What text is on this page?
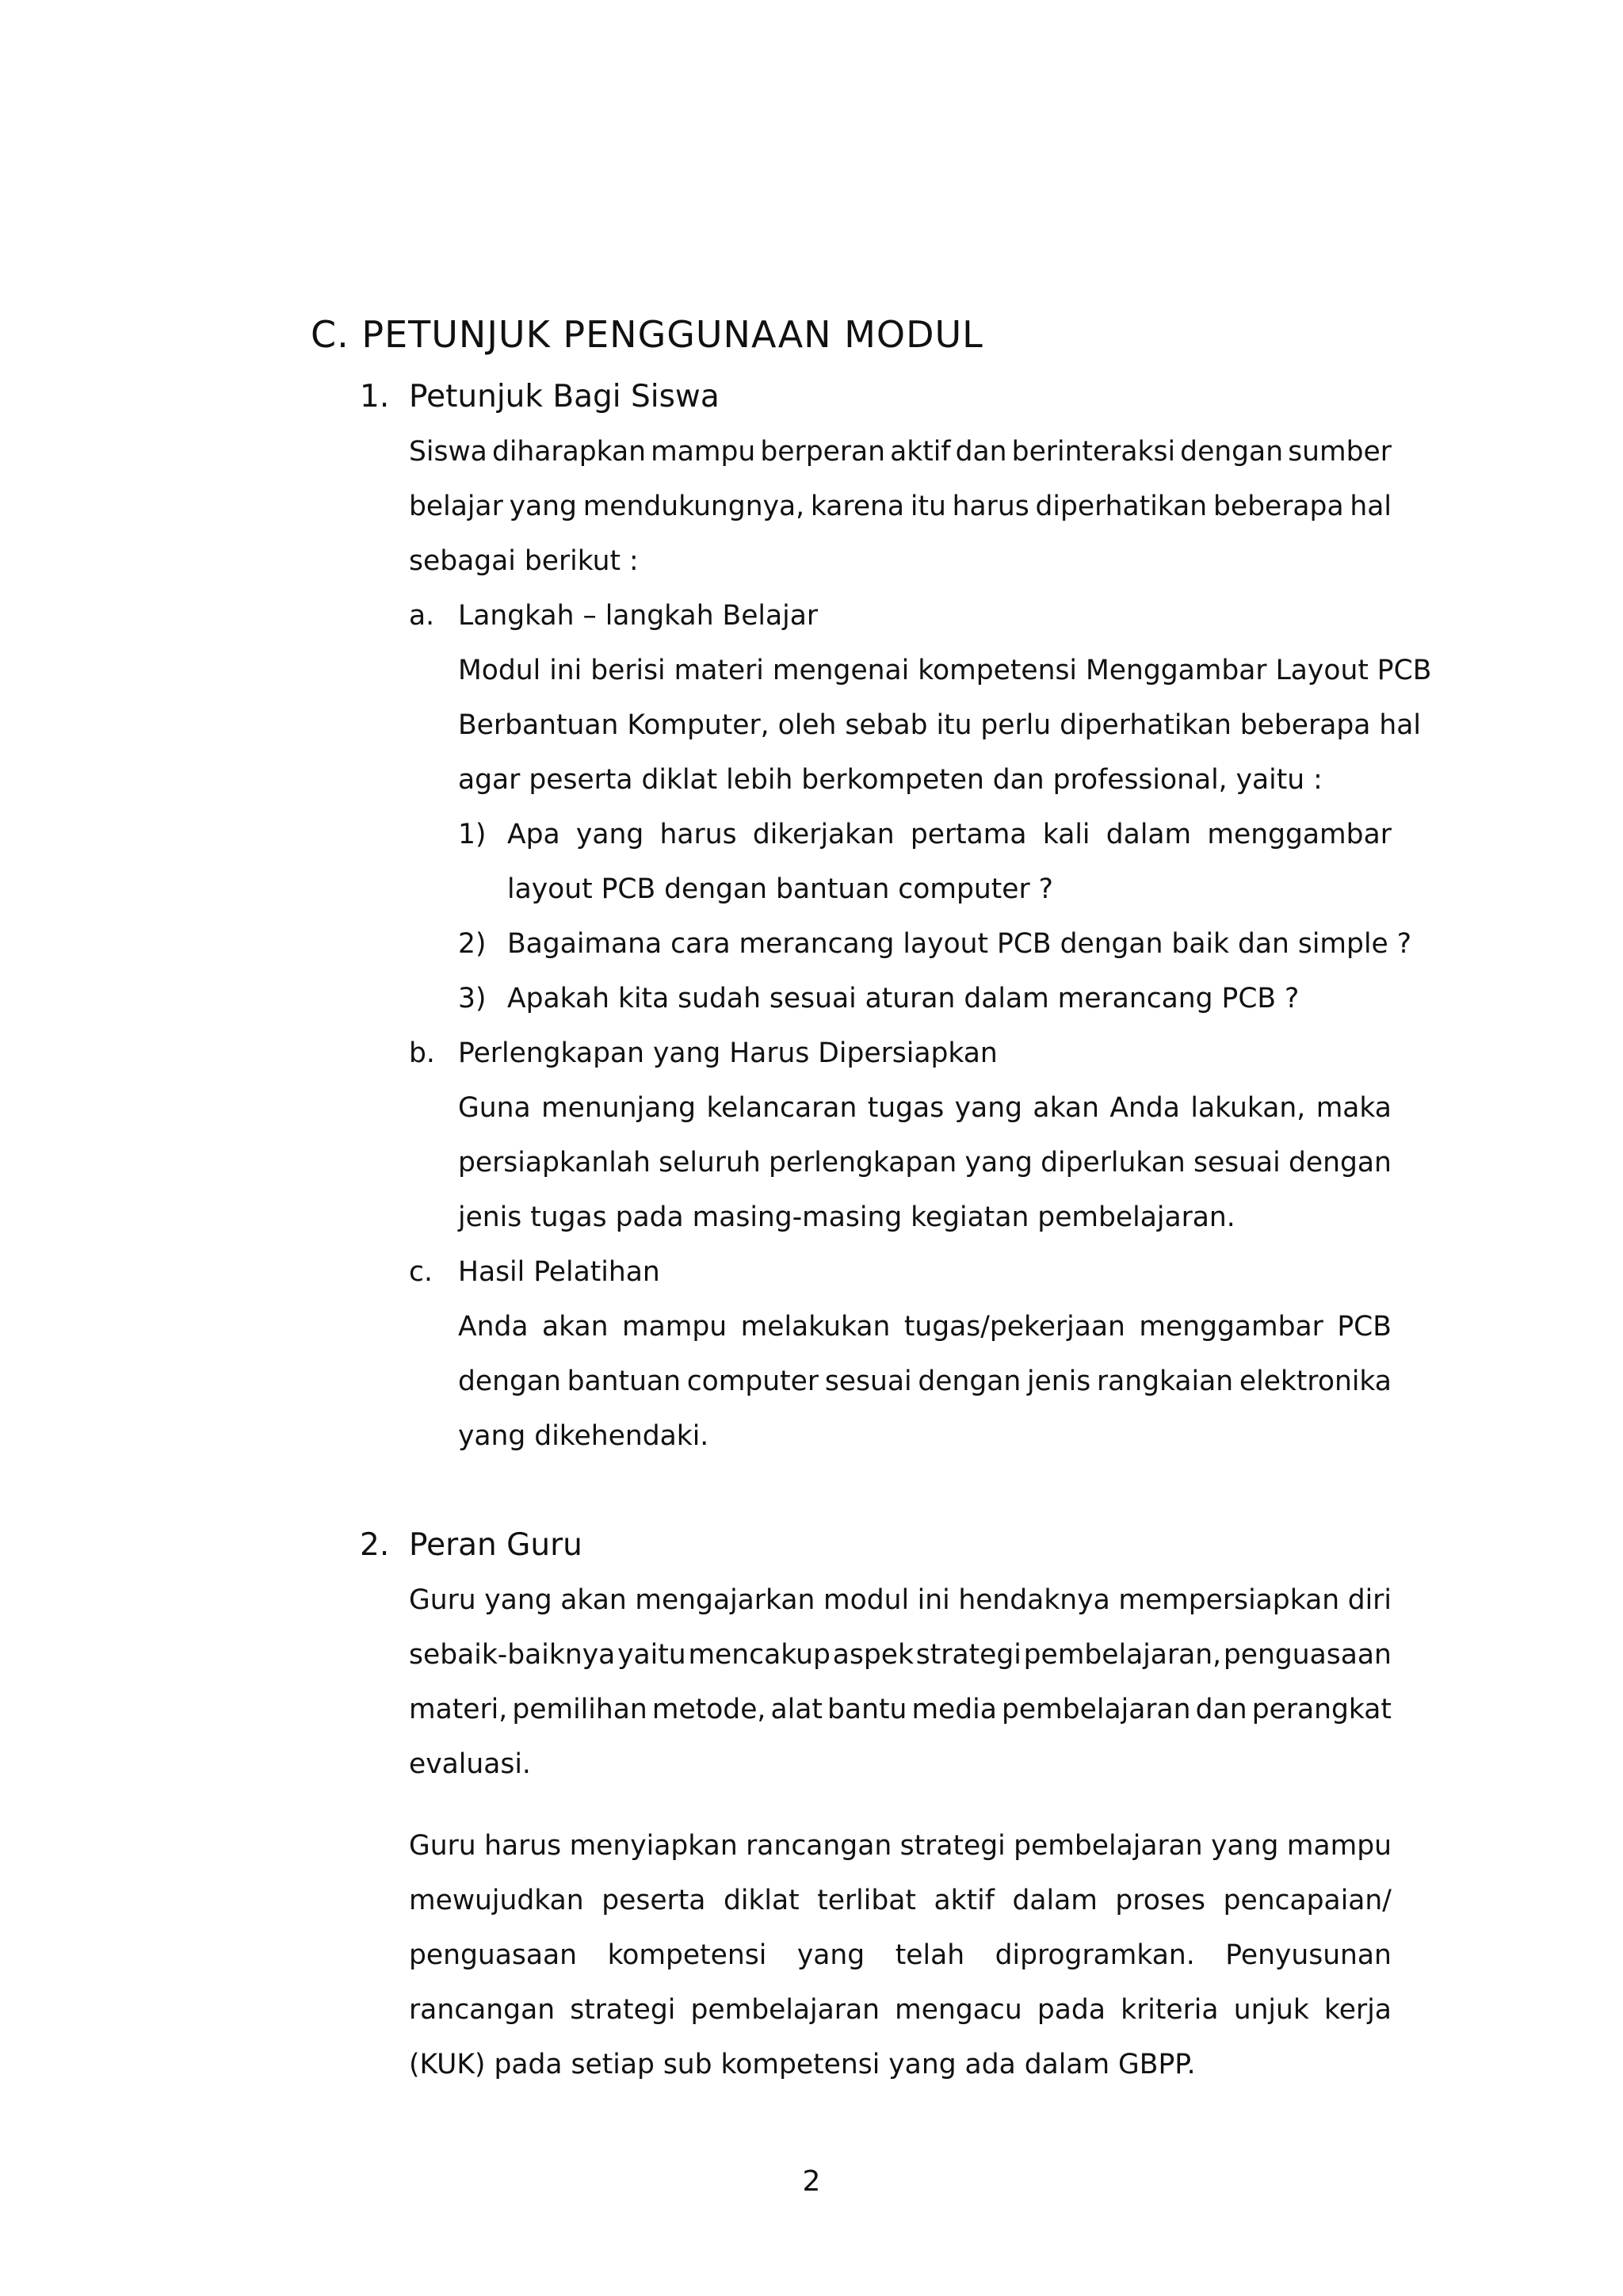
C. PETUNJUK PENGGUNAAN MODUL
1. Petunjuk Bagi Siswa
Siswa diharapkan mampu berperan aktif dan berinteraksi dengan sumber
belajar yang mendukungnya, karena itu harus diperhatikan beberapa hal
sebagai berikut :
a. Langkah – langkah Belajar
Modul ini berisi materi mengenai kompetensi Menggambar Layout PCB
Berbantuan Komputer, oleh sebab itu perlu diperhatikan beberapa hal
agar peserta diklat lebih berkompeten dan professional, yaitu :
1) Apa yang harus dikerjakan pertama kali dalam menggambar
layout PCB dengan bantuan computer ?
2) Bagaimana cara merancang layout PCB dengan baik dan simple ?
3) Apakah kita sudah sesuai aturan dalam merancang PCB ?
b. Perlengkapan yang Harus Dipersiapkan
Guna menunjang kelancaran tugas yang akan Anda lakukan, maka
persiapkanlah seluruh perlengkapan yang diperlukan sesuai dengan
jenis tugas pada masing-masing kegiatan pembelajaran.
c. Hasil Pelatihan
Anda akan mampu melakukan tugas/pekerjaan menggambar PCB
dengan bantuan computer sesuai dengan jenis rangkaian elektronika
yang dikehendaki.
2. Peran Guru
Guru yang akan mengajarkan modul ini hendaknya mempersiapkan diri
sebaik-baiknya yaitu mencakup aspek strategi pembelajaran, penguasaan
materi, pemilihan metode, alat bantu media pembelajaran dan perangkat
evaluasi.
Guru harus menyiapkan rancangan strategi pembelajaran yang mampu
mewujudkan peserta diklat terlibat aktif dalam proses pencapaian/
penguasaan kompetensi yang telah diprogramkan. Penyusunan
rancangan strategi pembelajaran mengacu pada kriteria unjuk kerja
(KUK) pada setiap sub kompetensi yang ada dalam GBPP.
2
